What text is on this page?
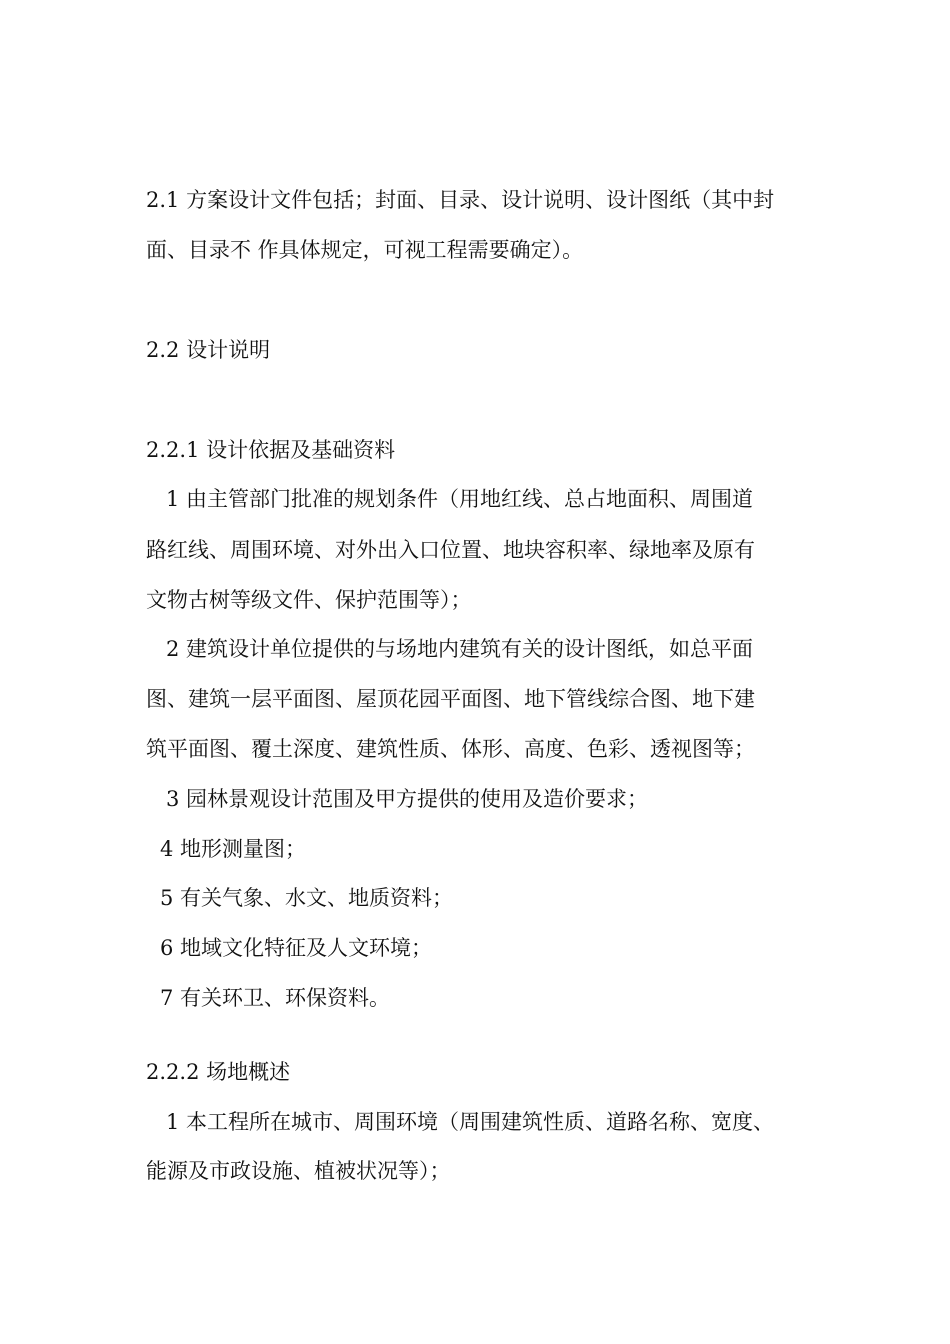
2.1 方案设计文件包括；封面、目录、设计说明、设计图纸（其中封
面、目录不 作具体规定，可视工程需要确定）。
2.2 设计说明
2.2.1 设计依据及基础资料
1 由主管部门批准的规划条件（用地红线、总占地面积、周围道
路红线、周围环境、对外出入口位置、地块容积率、绿地率及原有
文物古树等级文件、保护范围等）；
2 建筑设计单位提供的与场地内建筑有关的设计图纸，如总平面
图、建筑一层平面图、屋顶花园平面图、地下管线综合图、地下建
筑平面图、覆土深度、建筑性质、体形、高度、色彩、透视图等；
3 园林景观设计范围及甲方提供的使用及造价要求；
4 地形测量图；
5 有关气象、水文、地质资料；
6 地域文化特征及人文环境；
7 有关环卫、环保资料。
2.2.2 场地概述
1 本工程所在城市、周围环境（周围建筑性质、道路名称、宽度、
能源及市政设施、植被状况等）；
